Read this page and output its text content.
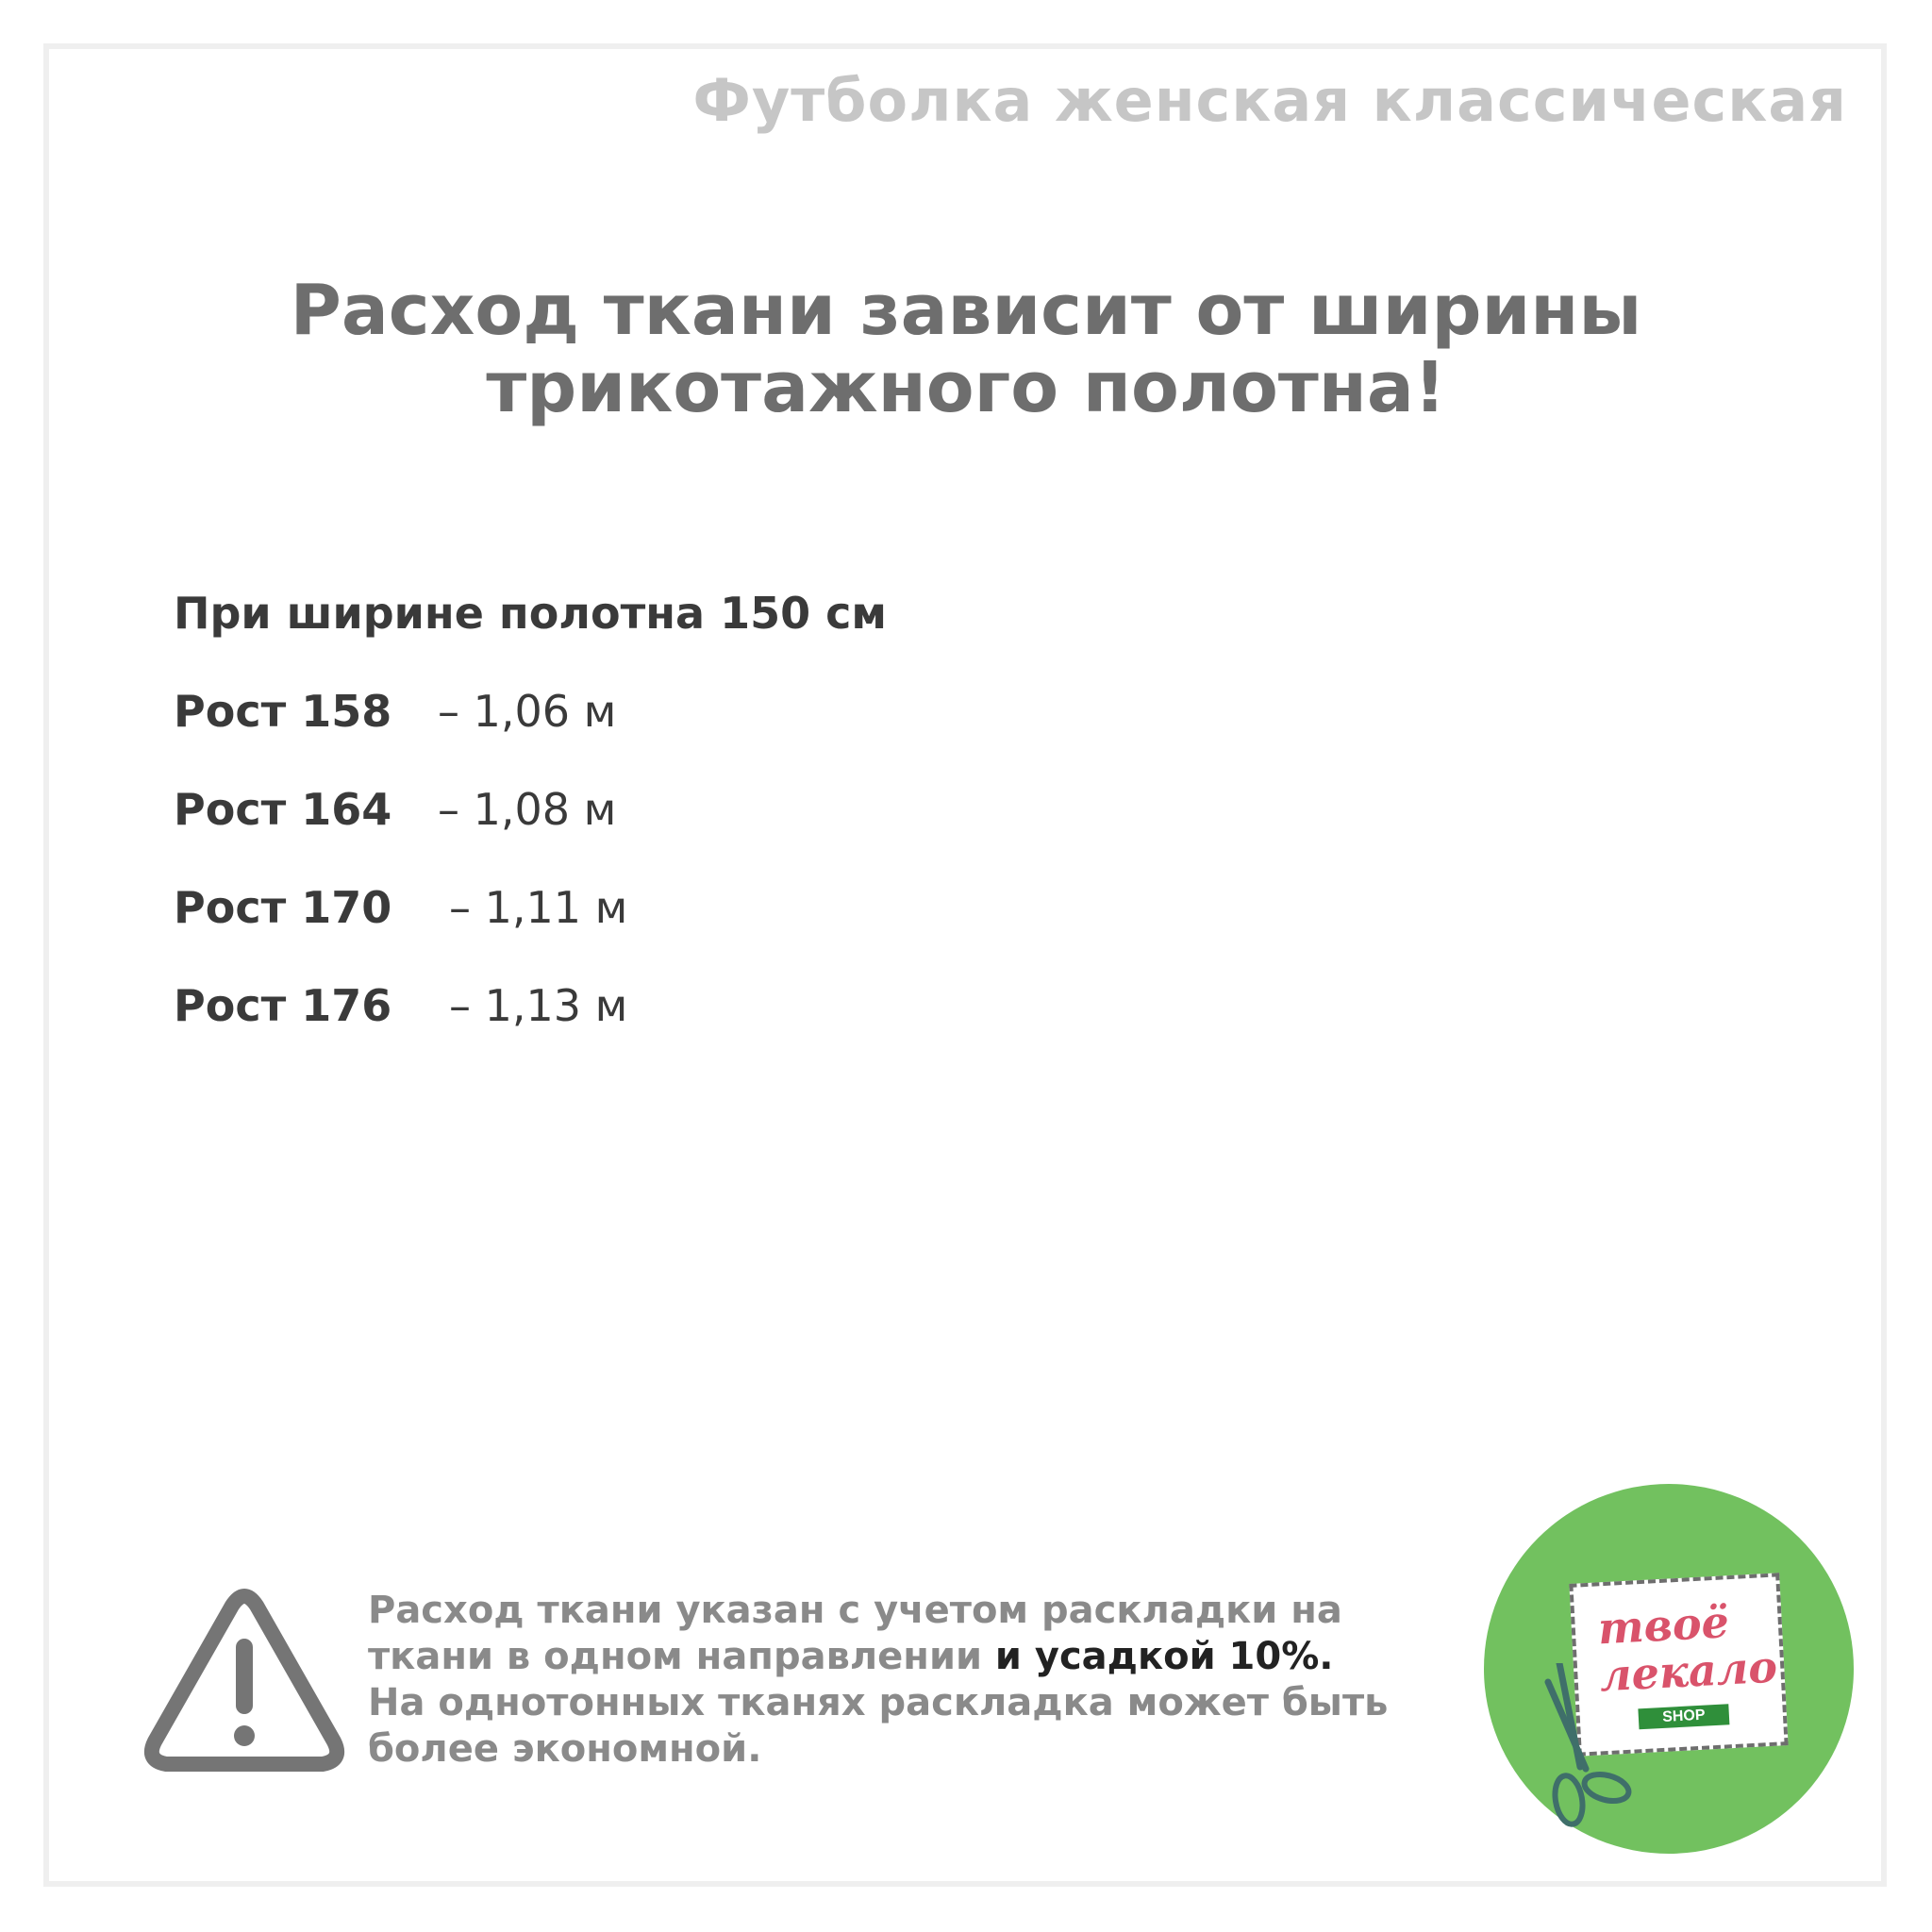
Футболка женская классическая
Расход ткани зависит от ширины
трикотажного полотна!
При ширине полотна 150 см
Рост 158	– 1,06 м
Рост 164	– 1,08 м
Рост 170	– 1,11 м
Рост 176	– 1,13 м
Расход ткани указан с учетом раскладки на
ткани в одном направлении и усадкой 10%.
На однотонных тканях раскладка может быть
более экономной.
твоё
лекало
SHOP
